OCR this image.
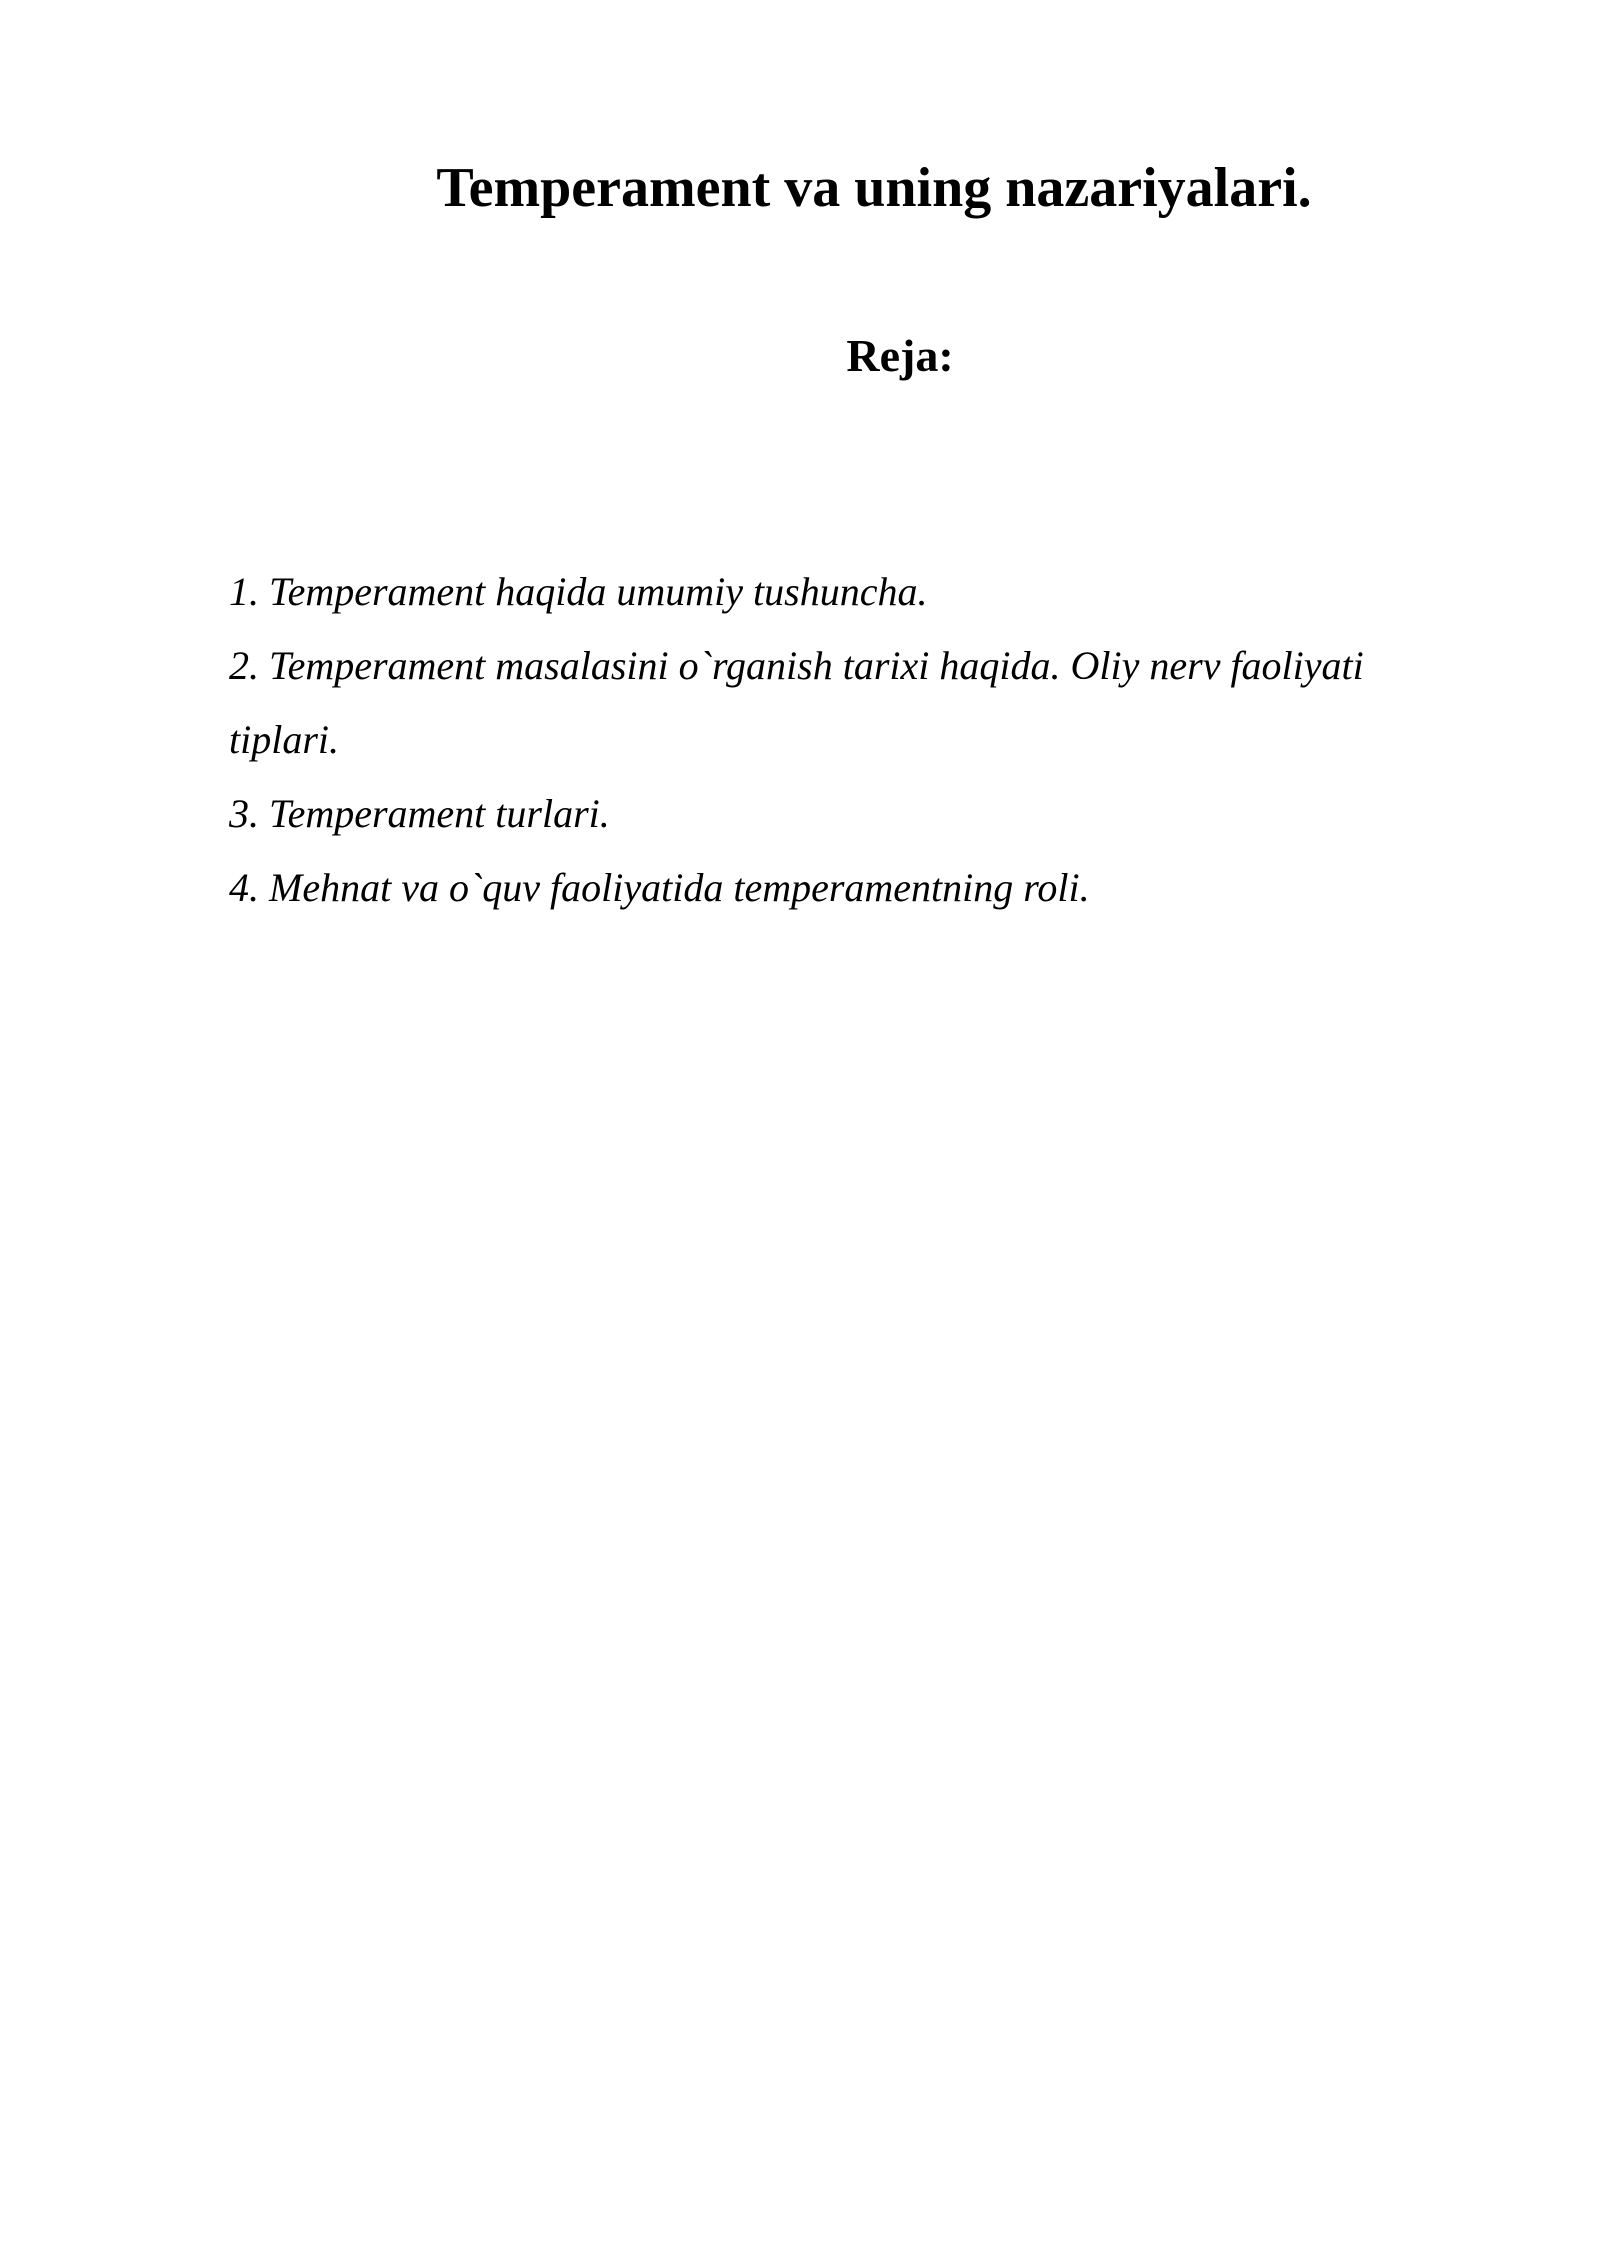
Temperament va uning nazariyalari.
Reja:
1. Temperament haqida umumiy tushuncha.
2. Temperament masalasini o`rganish tarixi haqida. Oliy nerv faoliyati tiplari.
3. Temperament turlari.
4. Mehnat va o`quv faoliyatida temperamentning roli.
